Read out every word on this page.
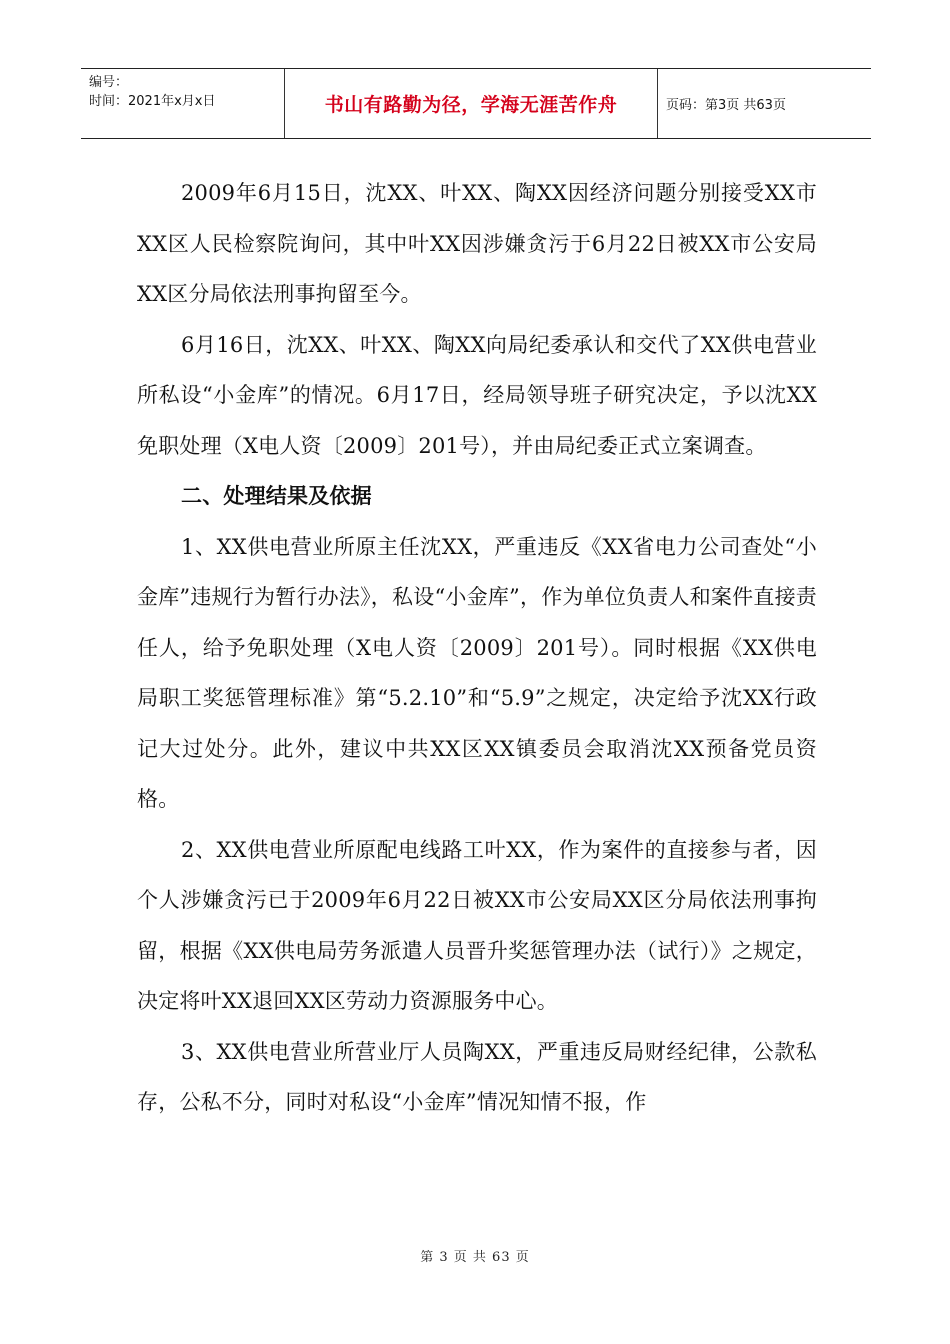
编号：
时间：2021年x月x日	书山有路勤为径，学海无涯苦作舟	页码：第3页 共63页

2009年6月15日，沈XX、叶XX、陶XX因经济问题分别接受XX市XX区人民检察院询问，其中叶XX因涉嫌贪污于6月22日被XX市公安局XX区分局依法刑事拘留至今。

6月16日，沈XX、叶XX、陶XX向局纪委承认和交代了XX供电营业所私设“小金库”的情况。6月17日，经局领导班子研究决定，予以沈XX免职处理（X电人资〔2009〕201号），并由局纪委正式立案调查。

二、处理结果及依据

1、XX供电营业所原主任沈XX，严重违反《XX省电力公司查处“小金库”违规行为暂行办法》，私设“小金库”，作为单位负责人和案件直接责任人，给予免职处理（X电人资〔2009〕201号）。同时根据《XX供电局职工奖惩管理标准》第“5.2.10”和“5.9”之规定，决定给予沈XX行政记大过处分。此外，建议中共XX区XX镇委员会取消沈XX预备党员资格。

2、XX供电营业所原配电线路工叶XX，作为案件的直接参与者，因个人涉嫌贪污已于2009年6月22日被XX市公安局XX区分局依法刑事拘留，根据《XX供电局劳务派遣人员晋升奖惩管理办法（试行）》之规定，决定将叶XX退回XX区劳动力资源服务中心。

3、XX供电营业所营业厅人员陶XX，严重违反局财经纪律，公款私存，公私不分，同时对私设“小金库”情况知情不报，作

第 3 页 共 63 页
